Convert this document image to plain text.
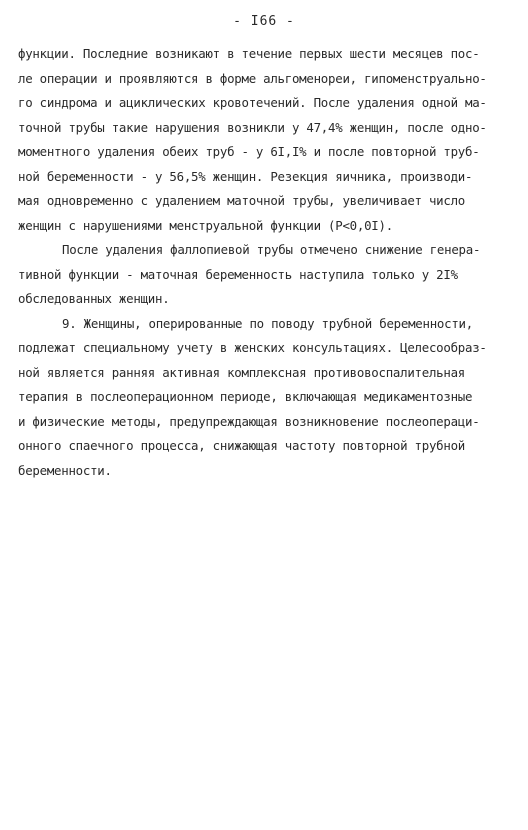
- I66 -
функции. Последние возникают в течение первых шести месяцев пос-
ле операции и проявляются в форме альгоменореи, гипоменструально-
го синдрома и ациклических кровотечений. После удаления одной ма-
точной трубы такие нарушения возникли у 47,4% женщин, после одно-
моментного удаления обеих труб - у 6I,I% и после повторной труб-
ной беременности - у 56,5% женщин. Резекция яичника, производи-
мая одновременно с удалением маточной трубы, увеличивает число
женщин с нарушениями менструальной функции (P<0,0I).
После удаления фаллопиевой трубы отмечено снижение генера-
тивной функции - маточная беременность наступила только у 2I%
обследованных женщин.
9. Женщины, оперированные по поводу трубной беременности,
подлежат специальному учету в женских консультациях. Целесообраз-
ной является ранняя активная комплексная противовоспалительная
терапия в послеоперационном периоде, включающая медикаментозные
и физические методы, предупреждающая возникновение послеопераци-
онного спаечного процесса, снижающая частоту повторной трубной
беременности.
